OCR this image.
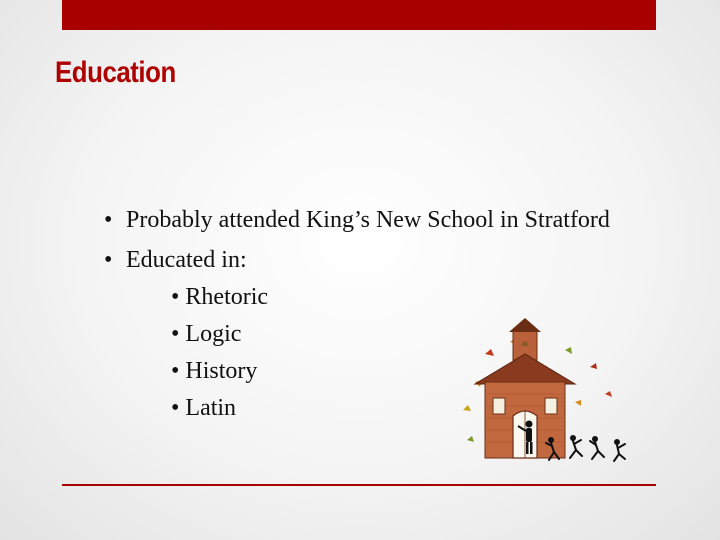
Education
• Probably attended King’s New School in Stratford
• Educated in:
• Rhetoric
• Logic
• History
• Latin
